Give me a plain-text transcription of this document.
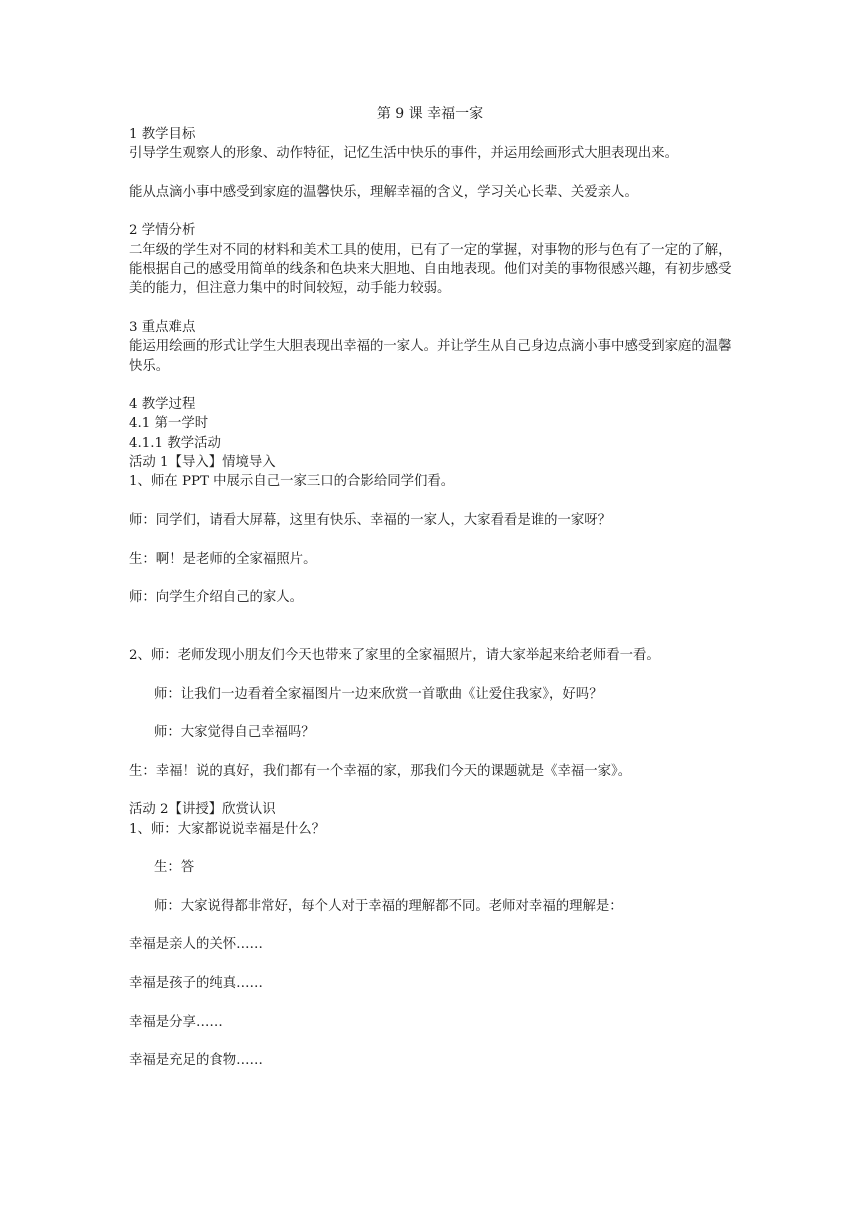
第 9 课 幸福一家

1 教学目标

引导学生观察人的形象、动作特征，记忆生活中快乐的事件，并运用绘画形式大胆表现出来。

能从点滴小事中感受到家庭的温馨快乐，理解幸福的含义，学习关心长辈、关爱亲人。

2 学情分析

二年级的学生对不同的材料和美术工具的使用，已有了一定的掌握，对事物的形与色有了一定的了解，能根据自己的感受用简单的线条和色块来大胆地、自由地表现。他们对美的事物很感兴趣，有初步感受美的能力，但注意力集中的时间较短，动手能力较弱。

3 重点难点

能运用绘画的形式让学生大胆表现出幸福的一家人。并让学生从自己身边点滴小事中感受到家庭的温馨快乐。

4 教学过程

4.1 第一学时

4.1.1 教学活动

活动 1【导入】情境导入

1、师在 PPT 中展示自己一家三口的合影给同学们看。

师：同学们，请看大屏幕，这里有快乐、幸福的一家人，大家看看是谁的一家呀？

生：啊！是老师的全家福照片。

师：向学生介绍自己的家人。

2、师：老师发现小朋友们今天也带来了家里的全家福照片，请大家举起来给老师看一看。

师：让我们一边看着全家福图片一边来欣赏一首歌曲《让爱住我家》，好吗？

师：大家觉得自己幸福吗？

生：幸福！说的真好，我们都有一个幸福的家，那我们今天的课题就是《幸福一家》。

活动 2【讲授】欣赏认识

1、师：大家都说说幸福是什么？

生：答

师：大家说得都非常好，每个人对于幸福的理解都不同。老师对幸福的理解是：

幸福是亲人的关怀……

幸福是孩子的纯真……

幸福是分享……

幸福是充足的食物……
